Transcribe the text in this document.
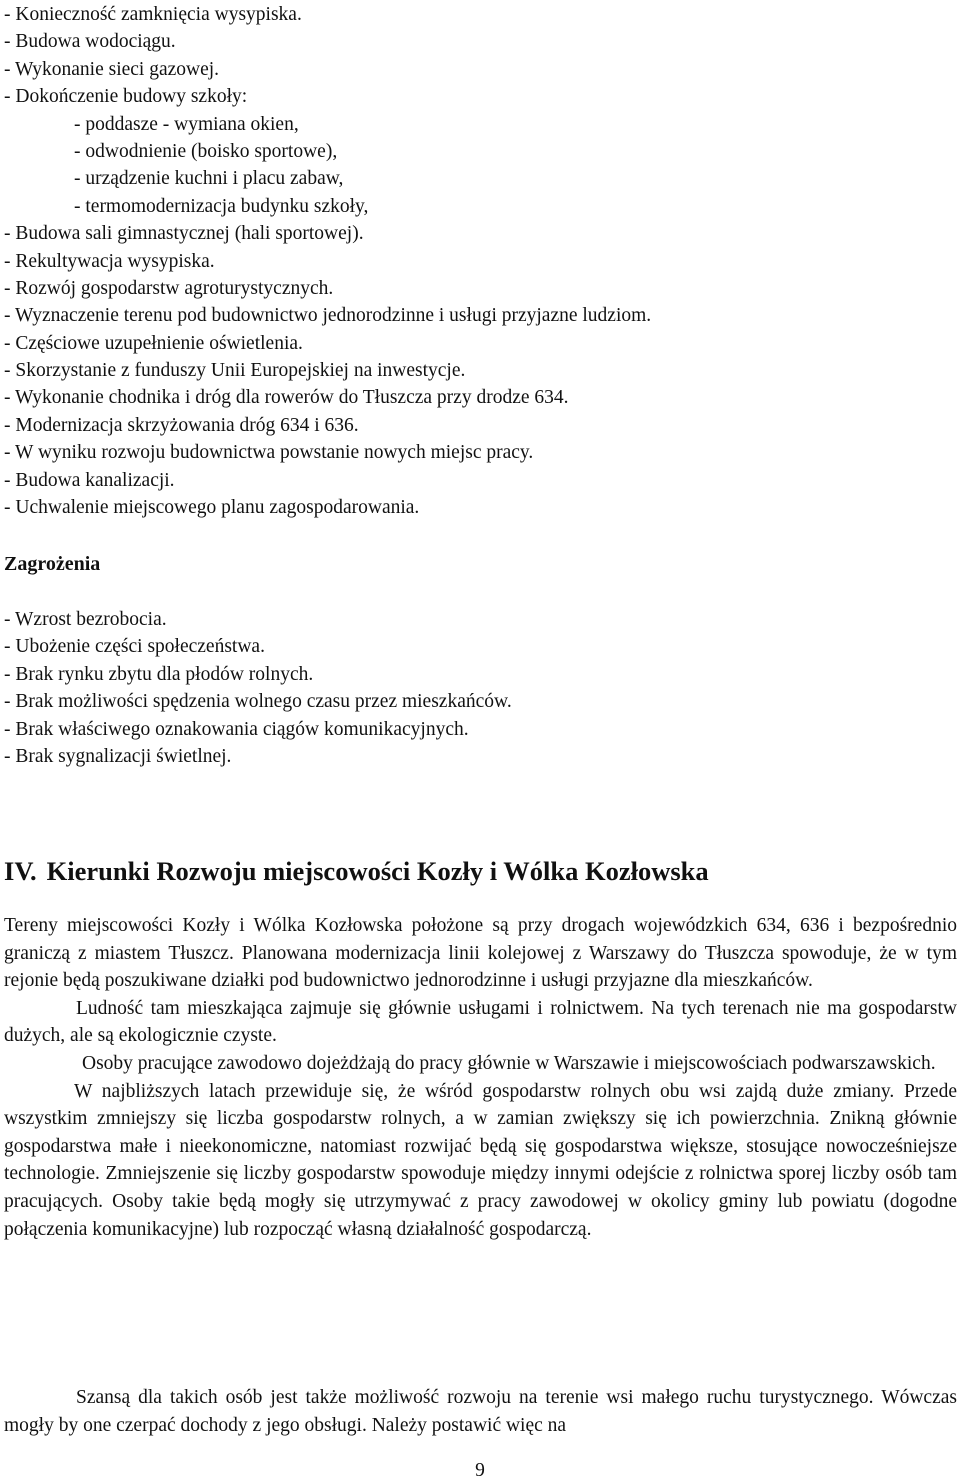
- Konieczność zamknięcia wysypiska.
- Budowa wodociągu.
- Wykonanie sieci gazowej.
- Dokończenie budowy szkoły:
- poddasze - wymiana okien,
- odwodnienie (boisko sportowe),
- urządzenie kuchni i placu zabaw,
- termomodernizacja budynku szkoły,
- Budowa sali gimnastycznej (hali sportowej).
- Rekultywacja wysypiska.
- Rozwój gospodarstw agroturystycznych.
- Wyznaczenie terenu pod budownictwo jednorodzinne i usługi przyjazne ludziom.
- Częściowe uzupełnienie oświetlenia.
- Skorzystanie z funduszy Unii Europejskiej na inwestycje.
- Wykonanie chodnika i dróg dla rowerów do Tłuszcza przy drodze 634.
- Modernizacja skrzyżowania dróg 634 i 636.
- W wyniku rozwoju budownictwa powstanie nowych miejsc pracy.
- Budowa kanalizacji.
- Uchwalenie miejscowego planu zagospodarowania.
Zagrożenia
- Wzrost bezrobocia.
- Ubożenie części społeczeństwa.
- Brak rynku zbytu dla płodów rolnych.
- Brak możliwości spędzenia wolnego czasu przez mieszkańców.
- Brak właściwego oznakowania ciągów komunikacyjnych.
- Brak sygnalizacji świetlnej.
IV. Kierunki Rozwoju miejscowości Kozły i Wólka Kozłowska

Tereny miejscowości Kozły i Wólka Kozłowska położone są przy drogach wojewódzkich 634, 636 i bezpośrednio graniczą z miastem Tłuszcz. Planowana modernizacja linii kolejowej z Warszawy do Tłuszcza spowoduje, że w tym rejonie będą poszukiwane działki pod budownictwo jednorodzinne i usługi przyjazne dla mieszkańców.

Ludność tam mieszkająca zajmuje się głównie usługami i rolnictwem. Na tych terenach nie ma gospodarstw dużych, ale są ekologicznie czyste.

Osoby pracujące zawodowo dojeżdżają do pracy głównie w Warszawie i miejscowościach podwarszawskich.

W najbliższych latach przewiduje się, że wśród gospodarstw rolnych obu wsi zajdą duże zmiany. Przede wszystkim zmniejszy się liczba gospodarstw rolnych, a w zamian zwiększy się ich powierzchnia. Znikną głównie gospodarstwa małe i nieekonomiczne, natomiast rozwijać będą się gospodarstwa większe, stosujące nowocześniejsze technologie. Zmniejszenie się liczby gospodarstw spowoduje między innymi odejście z rolnictwa sporej liczby osób tam pracujących. Osoby takie będą mogły się utrzymywać z pracy zawodowej w okolicy gminy lub powiatu (dogodne połączenia komunikacyjne) lub rozpocząć własną działalność gospodarczą.

Szansą dla takich osób jest także możliwość rozwoju na terenie wsi małego ruchu turystycznego. Wówczas mogły by one czerpać dochody z jego obsługi. Należy postawić więc na

9
